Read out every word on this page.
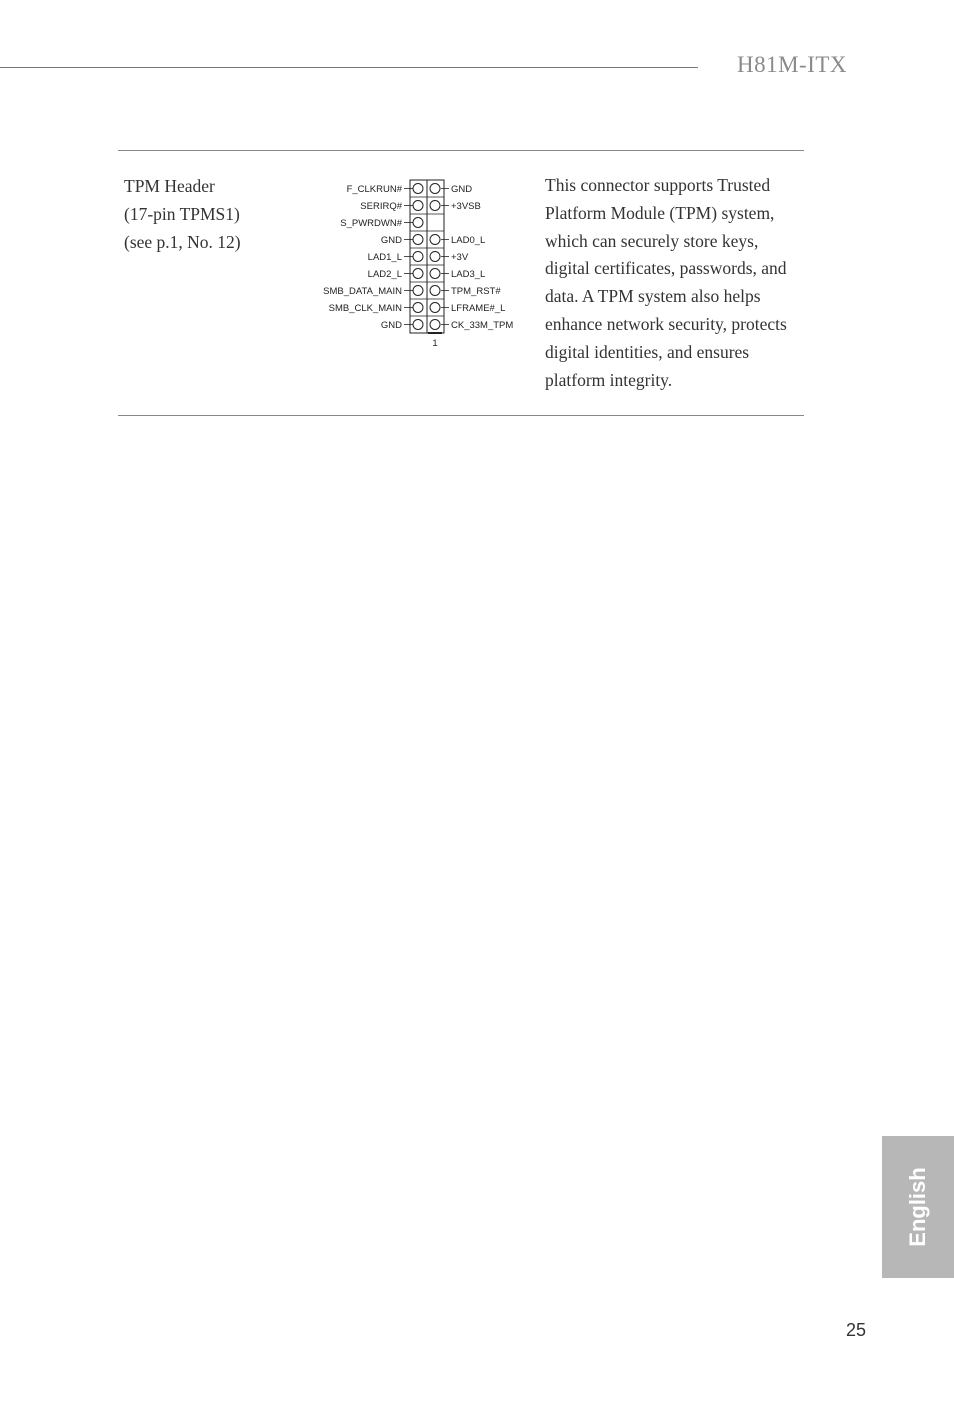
H81M-ITX
TPM Header
(17-pin TPMS1)
(see p.1, No. 12)
F_CLKRUN#	GND
SERIRQ#	+3VSB
S_PWRDWN#
GND	LAD0_L
LAD1_L	+3V
LAD2_L	LAD3_L
SMB_DATA_MAIN	TPM_RST#
SMB_CLK_MAIN	LFRAME#_L
GND	CK_33M_TPM
1
This connector supports Trusted Platform Module (TPM) system, which can securely store keys, digital certificates, passwords, and data. A TPM system also helps enhance network security, protects digital identities, and ensures platform integrity.
English
25
